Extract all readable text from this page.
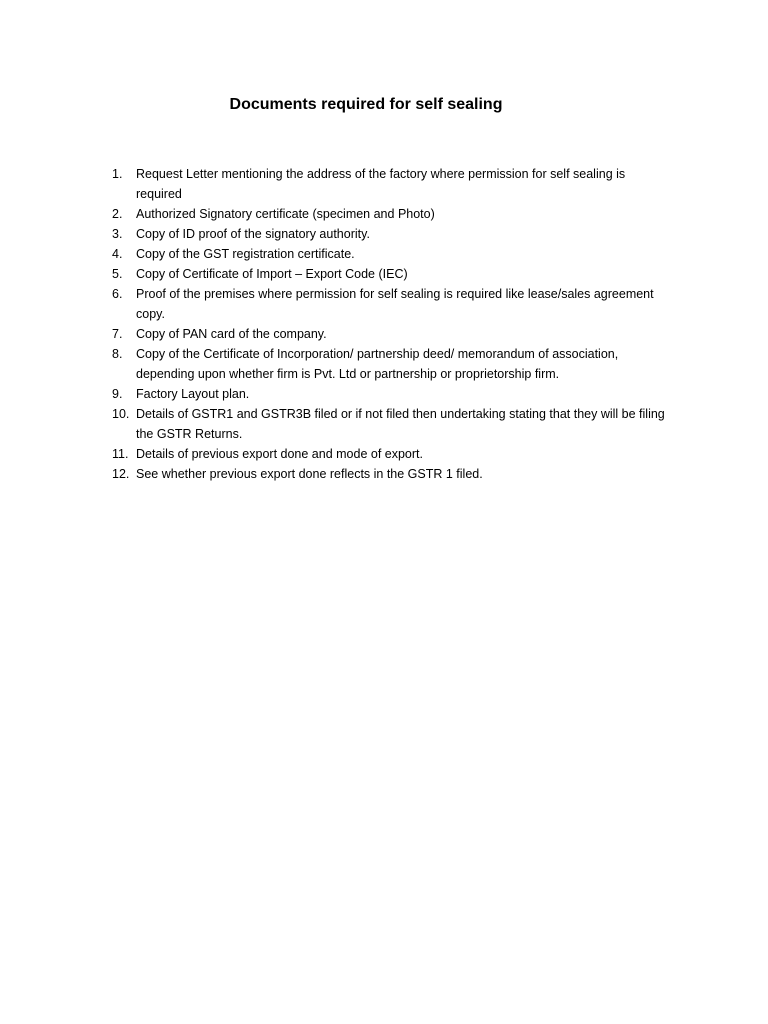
Documents required for self sealing
1.	Request Letter mentioning the address of the factory where permission for self sealing is required
2.	Authorized Signatory certificate (specimen and Photo)
3.	Copy of ID proof of the signatory authority.
4.	Copy of the GST registration certificate.
5.	Copy of Certificate of Import – Export Code (IEC)
6.	Proof of the premises where permission for self sealing is required like lease/sales agreement copy.
7.	Copy of PAN card of the company.
8.	Copy of the Certificate of Incorporation/ partnership deed/ memorandum of association, depending upon whether firm is Pvt. Ltd or partnership or proprietorship firm.
9.	Factory Layout plan.
10. Details of GSTR1 and GSTR3B filed or if not filed then undertaking stating that they will be filing the GSTR Returns.
11. Details of previous export done and mode of export.
12. See whether previous export done reflects in the GSTR 1 filed.
